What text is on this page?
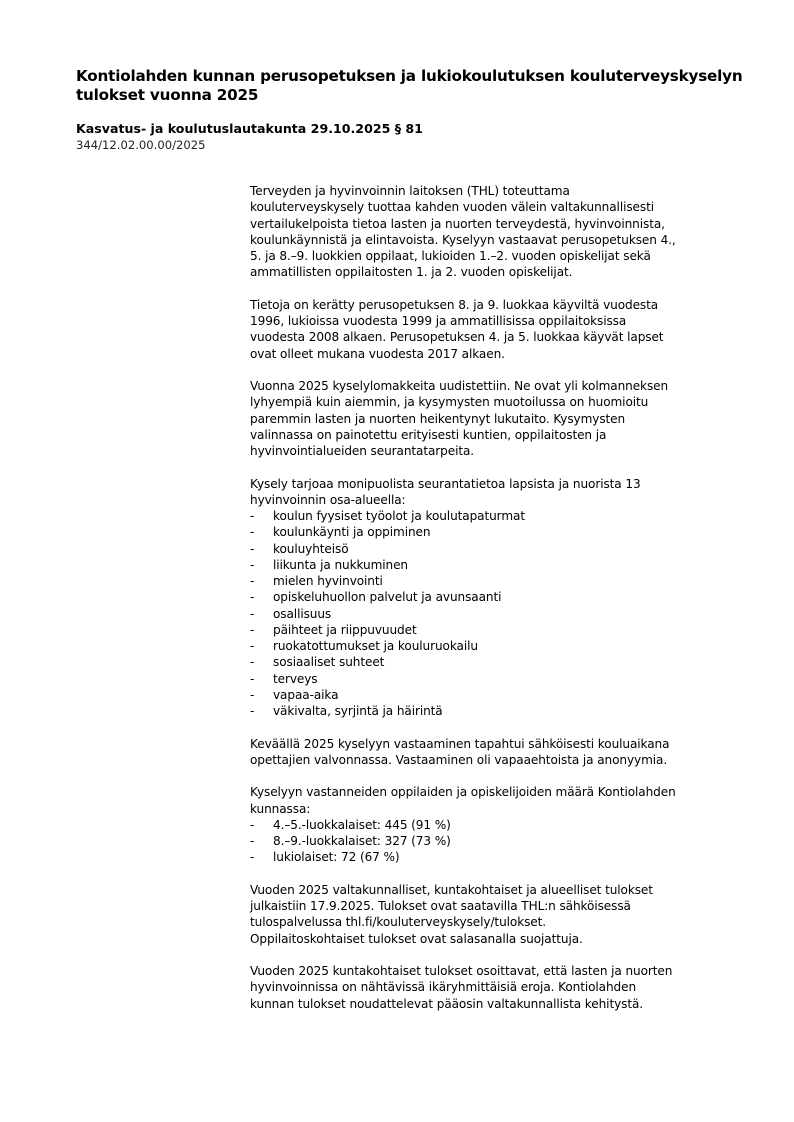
Kontiolahden kunnan perusopetuksen ja lukiokoulutuksen kouluterveyskyselyn tulokset vuonna 2025

Kasvatus- ja koulutuslautakunta 29.10.2025 § 81

344/12.02.00.00/2025

Terveyden ja hyvinvoinnin laitoksen (THL) toteuttama
kouluterveyskysely tuottaa kahden vuoden välein valtakunnallisesti
vertailukelpoista tietoa lasten ja nuorten terveydestä, hyvinvoinnista,
koulunkäynnistä ja elintavoista. Kyselyyn vastaavat perusopetuksen 4.,
5. ja 8.–9. luokkien oppilaat, lukioiden 1.–2. vuoden opiskelijat sekä
ammatillisten oppilaitosten 1. ja 2. vuoden opiskelijat.

Tietoja on kerätty perusopetuksen 8. ja 9. luokkaa käyviltä vuodesta
1996, lukioissa vuodesta 1999 ja ammatillisissa oppilaitoksissa
vuodesta 2008 alkaen. Perusopetuksen 4. ja 5. luokkaa käyvät lapset
ovat olleet mukana vuodesta 2017 alkaen.

Vuonna 2025 kyselylomakkeita uudistettiin. Ne ovat yli kolmanneksen
lyhyempiä kuin aiemmin, ja kysymysten muotoilussa on huomioitu
paremmin lasten ja nuorten heikentynyt lukutaito. Kysymysten
valinnassa on painotettu erityisesti kuntien, oppilaitosten ja
hyvinvointialueiden seurantatarpeita.

Kysely tarjoaa monipuolista seurantatietoa lapsista ja nuorista 13
hyvinvoinnin osa-alueella:

- koulun fyysiset työolot ja koulutapaturmat
- koulunkäynti ja oppiminen
- kouluyhteisö
- liikunta ja nukkuminen
- mielen hyvinvointi
- opiskeluhuollon palvelut ja avunsaanti
- osallisuus
- päihteet ja riippuvuudet
- ruokatottumukset ja kouluruokailu
- sosiaaliset suhteet
- terveys
- vapaa-aika
- väkivalta, syrjintä ja häirintä

Keväällä 2025 kyselyyn vastaaminen tapahtui sähköisesti kouluaikana
opettajien valvonnassa. Vastaaminen oli vapaaehtoista ja anonyymia.

Kyselyyn vastanneiden oppilaiden ja opiskelijoiden määrä Kontiolahden
kunnassa:

- 4.–5.-luokkalaiset: 445 (91 %)
- 8.–9.-luokkalaiset: 327 (73 %)
- lukiolaiset: 72 (67 %)

Vuoden 2025 valtakunnalliset, kuntakohtaiset ja alueelliset tulokset
julkaistiin 17.9.2025. Tulokset ovat saatavilla THL:n sähköisessä
tulospalvelussa thl.fi/kouluterveyskysely/tulokset.
Oppilaitoskohtaiset tulokset ovat salasanalla suojattuja.

Vuoden 2025 kuntakohtaiset tulokset osoittavat, että lasten ja nuorten
hyvinvoinnissa on nähtävissä ikäryhmittäisiä eroja. Kontiolahden
kunnan tulokset noudattelevat pääosin valtakunnallista kehitystä.
